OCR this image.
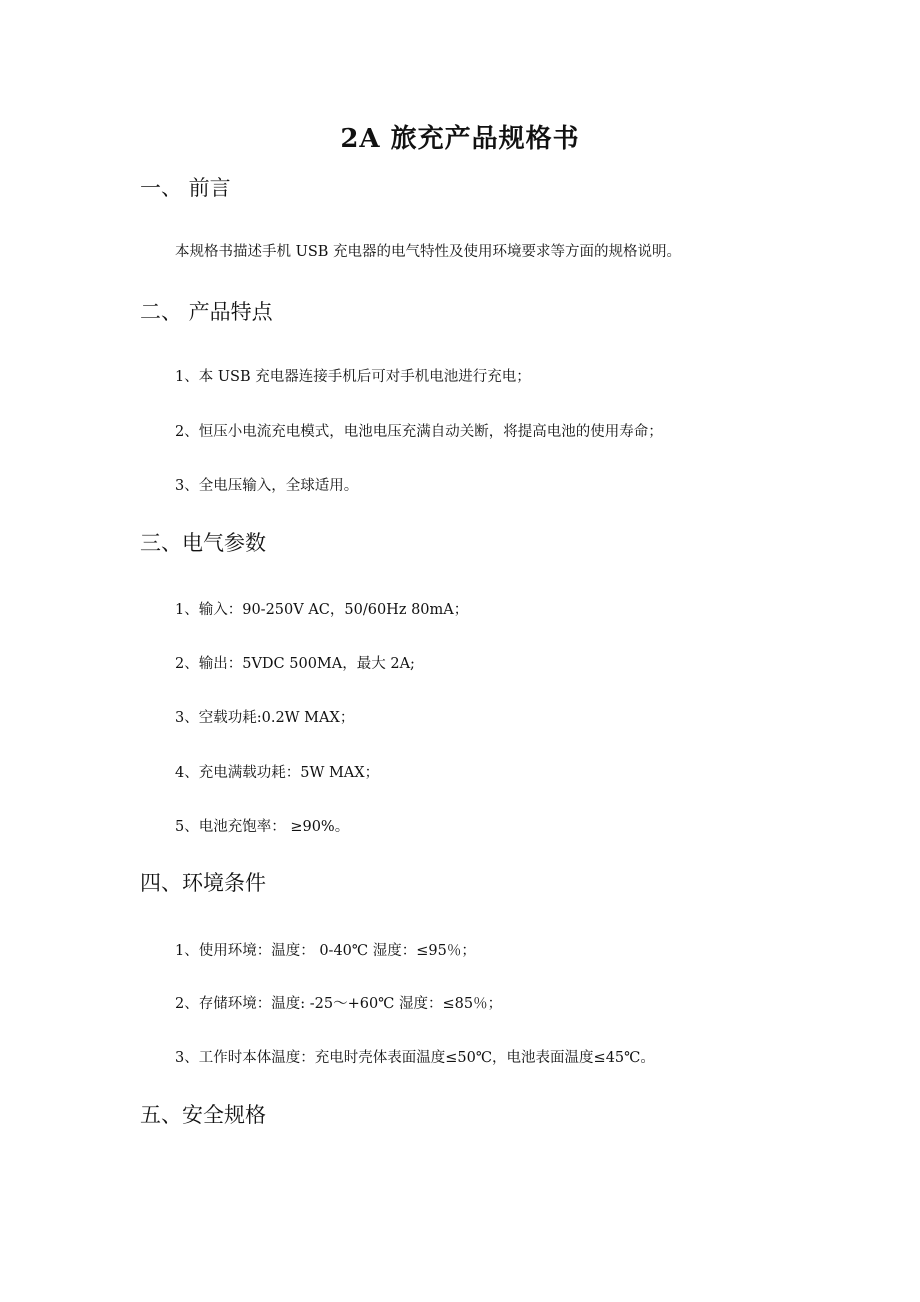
2A 旅充产品规格书
一、 前言
本规格书描述手机 USB 充电器的电气特性及使用环境要求等方面的规格说明。
二、 产品特点
1、本 USB 充电器连接手机后可对手机电池进行充电；
2、恒压小电流充电模式，电池电压充满自动关断，将提高电池的使用寿命；
3、全电压输入，全球适用。
三、电气参数
1、输入：90-250V AC，50/60Hz 80mA；
2、输出：5VDC 500MA，最大 2A;
3、空载功耗:0.2W MAX；
4、充电满载功耗：5W MAX；
5、电池充饱率： ≥90%。
四、环境条件
1、使用环境：温度： 0-40℃ 湿度：≤95％；
2、存储环境：温度: -25～+60℃ 湿度：≤85％；
3、工作时本体温度：充电时壳体表面温度≤50℃，电池表面温度≤45℃。
五、安全规格
